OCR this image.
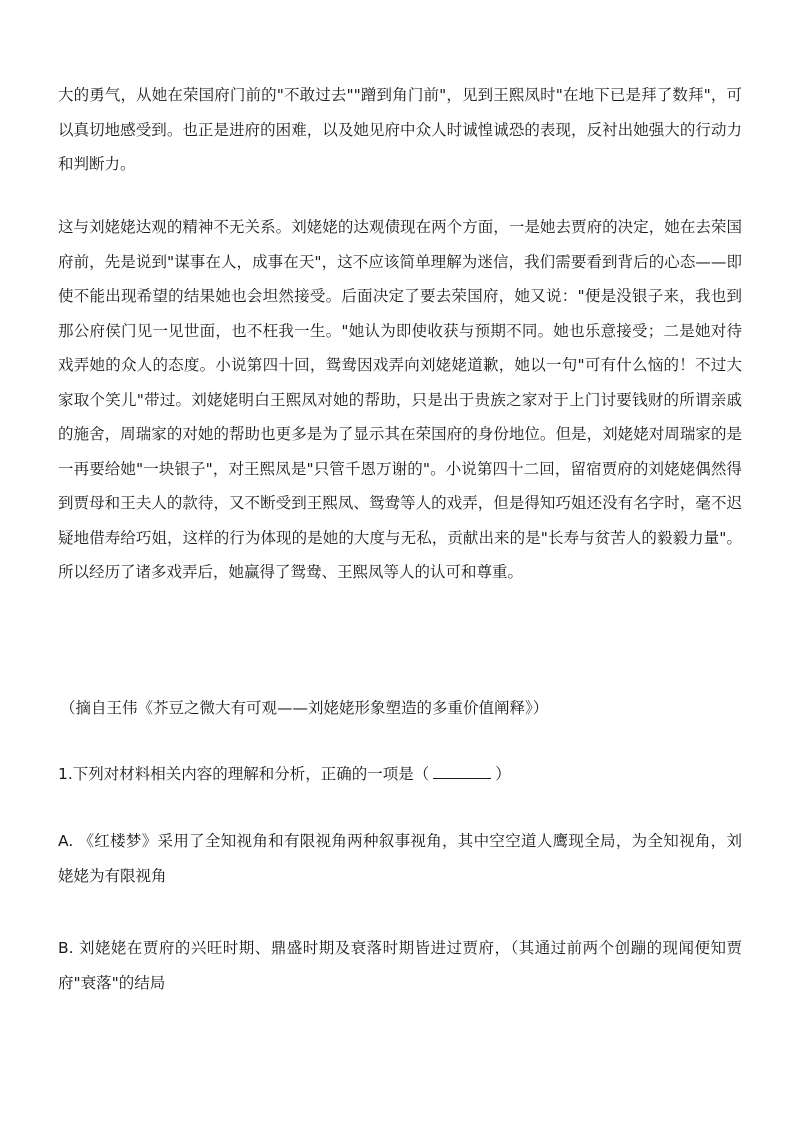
大的勇气，从她在荣国府门前的"不敢过去""蹭到角门前"，见到王熙凤时"在地下已是拜了数拜"，可以真切地感受到。也正是进府的困难，以及她见府中众人时诚惶诚恐的表现，反衬出她强大的行动力和判断力。

这与刘姥姥达观的精神不无关系。刘姥姥的达观债现在两个方面，一是她去贾府的决定，她在去荣国府前，先是说到"谋事在人，成事在天"，这不应该简单理解为迷信，我们需要看到背后的心态——即使不能出现希望的结果她也会坦然接受。后面决定了要去荣国府，她又说："便是没银子来，我也到那公府侯门见一见世面，也不枉我一生。"她认为即使收获与预期不同。她也乐意接受；二是她对待戏弄她的众人的态度。小说第四十回，鸳鸯因戏弄向刘姥姥道歉，她以一句"可有什么恼的！不过大家取个笑儿"带过。刘姥姥明白王熙凤对她的帮助，只是出于贵族之家对于上门讨要钱财的所谓亲戚的施舍，周瑞家的对她的帮助也更多是为了显示其在荣国府的身份地位。但是，刘姥姥对周瑞家的是一再要给她"一块银子"，对王熙凤是"只管千恩万谢的"。小说第四十二回，留宿贾府的刘姥姥偶然得到贾母和王夫人的款待，又不断受到王熙凤、鸳鸯等人的戏弄，但是得知巧姐还没有名字时，毫不迟疑地借寿给巧姐，这样的行为体现的是她的大度与无私，贡献出来的是"长寿与贫苦人的毅毅力量"。所以经历了诸多戏弄后，她赢得了鸳鸯、王熙凤等人的认可和尊重。

（摘自王伟《芥豆之微大有可观——刘姥姥形象塑造的多重价值阐释》）

1.下列对材料相关内容的理解和分析，正确的一项是（	）

A. 《红楼梦》采用了全知视角和有限视角两种叙事视角，其中空空道人鹰现全局，为全知视角，刘姥姥为有限视角

B. 刘姥姥在贾府的兴旺时期、鼎盛时期及衰落时期皆进过贾府，（其通过前两个创蹦的现闻便知贾府"衰落"的结局
